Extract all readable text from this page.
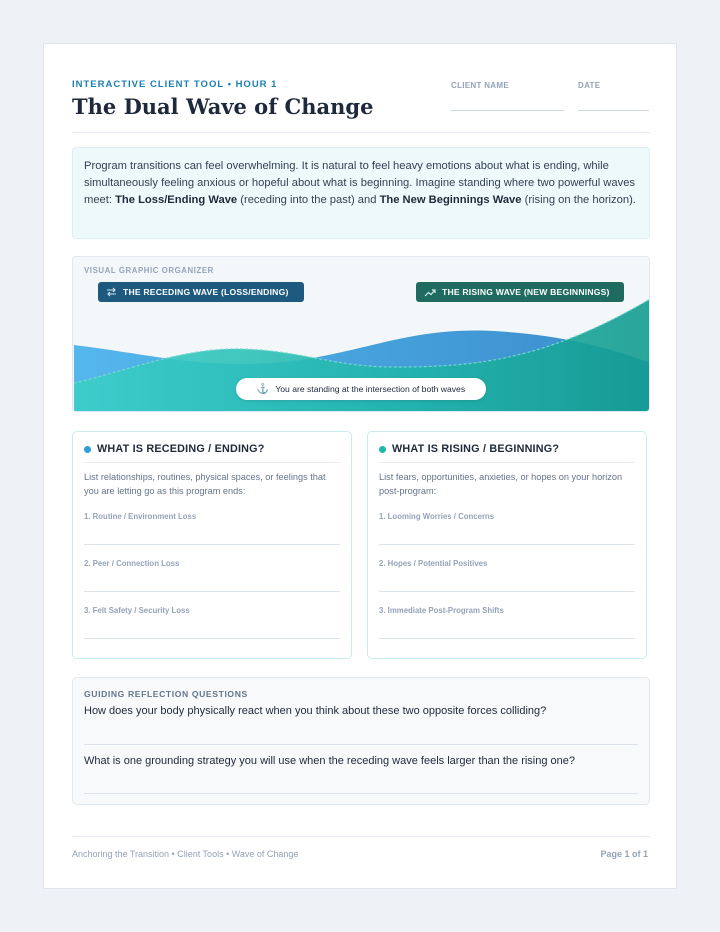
INTERACTIVE CLIENT TOOL • HOUR 1
The Dual Wave of Change
CLIENT NAME	DATE
Program transitions can feel overwhelming. It is natural to feel heavy emotions about what is ending, while simultaneously feeling anxious or hopeful about what is beginning. Imagine standing where two powerful waves meet: The Loss/Ending Wave (receding into the past) and The New Beginnings Wave (rising on the horizon).
VISUAL GRAPHIC ORGANIZER
THE RECEDING WAVE (LOSS/ENDING)	THE RISING WAVE (NEW BEGINNINGS)
⚓ You are standing at the intersection of both waves
WHAT IS RECEDING / ENDING?
List relationships, routines, physical spaces, or feelings that you are letting go as this program ends:
1. Routine / Environment Loss
2. Peer / Connection Loss
3. Felt Safety / Security Loss
WHAT IS RISING / BEGINNING?
List fears, opportunities, anxieties, or hopes on your horizon post-program:
1. Looming Worries / Concerns
2. Hopes / Potential Positives
3. Immediate Post-Program Shifts
GUIDING REFLECTION QUESTIONS
How does your body physically react when you think about these two opposite forces colliding?
What is one grounding strategy you will use when the receding wave feels larger than the rising one?
Anchoring the Transition • Client Tools • Wave of Change	Page 1 of 1
